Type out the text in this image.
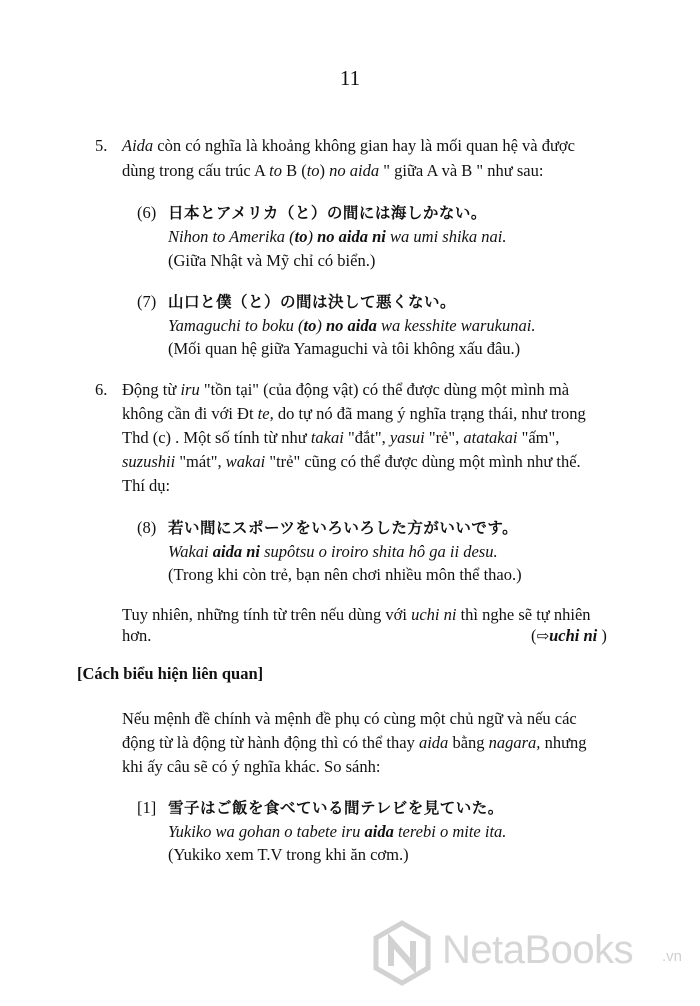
11
5. Aida còn có nghĩa là khoảng không gian hay là mối quan hệ và được
dùng trong cấu trúc A to B (to) no aida " giữa A và B " như sau:
(6) 日本とアメリカ（と）の間には海しかない。
Nihon to Amerika (to) no aida ni wa umi shika nai.
(Giữa Nhật và Mỹ chỉ có biển.)
(7) 山口と僕（と）の間は決して悪くない。
Yamaguchi to boku (to) no aida wa kesshite warukunai.
(Mối quan hệ giữa Yamaguchi và tôi không xấu đâu.)
6. Động từ iru "tồn tại" (của động vật) có thể được dùng một mình mà
không cần đi với Đt te, do tự nó đã mang ý nghĩa trạng thái, như trong
Thd (c) . Một số tính từ như takai "đắt", yasui "rẻ", atatakai "ấm",
suzushii "mát", wakai "trẻ" cũng có thể được dùng một mình như thế.
Thí dụ:
(8) 若い間にスポーツをいろいろした方がいいです。
Wakai aida ni supôtsu o iroiro shita hô ga ii desu.
(Trong khi còn trẻ, bạn nên chơi nhiều môn thể thao.)
Tuy nhiên, những tính từ trên nếu dùng với uchi ni thì nghe sẽ tự nhiên
hơn.	(⇨uchi ni )
[Cách biểu hiện liên quan]
Nếu mệnh đề chính và mệnh đề phụ có cùng một chủ ngữ và nếu các
động từ là động từ hành động thì có thể thay aida bằng nagara, nhưng
khi ấy câu sẽ có ý nghĩa khác. So sánh:
[1] 雪子はご飯を食べている間テレビを見ていた。
Yukiko wa gohan o tabete iru aida terebi o mite ita.
(Yukiko xem T.V trong khi ăn cơm.)
NetaBooks .vn
